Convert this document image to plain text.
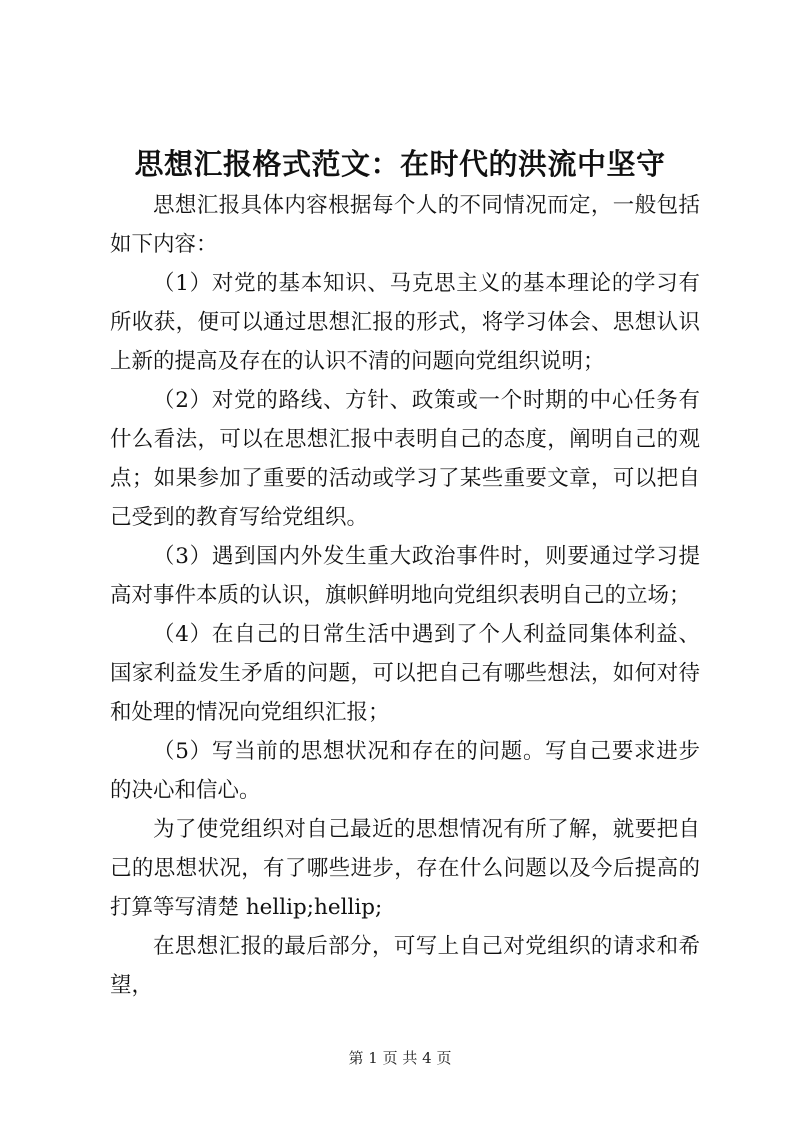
思想汇报格式范文：在时代的洪流中坚守

思想汇报具体内容根据每个人的不同情况而定，一般包括如下内容：

（1）对党的基本知识、马克思主义的基本理论的学习有所收获，便可以通过思想汇报的形式，将学习体会、思想认识上新的提高及存在的认识不清的问题向党组织说明；

（2）对党的路线、方针、政策或一个时期的中心任务有什么看法，可以在思想汇报中表明自己的态度，阐明自己的观点；如果参加了重要的活动或学习了某些重要文章，可以把自己受到的教育写给党组织。

（3）遇到国内外发生重大政治事件时，则要通过学习提高对事件本质的认识，旗帜鲜明地向党组织表明自己的立场；

（4）在自己的日常生活中遇到了个人利益同集体利益、国家利益发生矛盾的问题，可以把自己有哪些想法，如何对待和处理的情况向党组织汇报；

（5）写当前的思想状况和存在的问题。写自己要求进步的决心和信心。

为了使党组织对自己最近的思想情况有所了解，就要把自己的思想状况，有了哪些进步，存在什么问题以及今后提高的打算等写清楚 hellip;hellip;

在思想汇报的最后部分，可写上自己对党组织的请求和希望，

第 1 页 共 4 页
